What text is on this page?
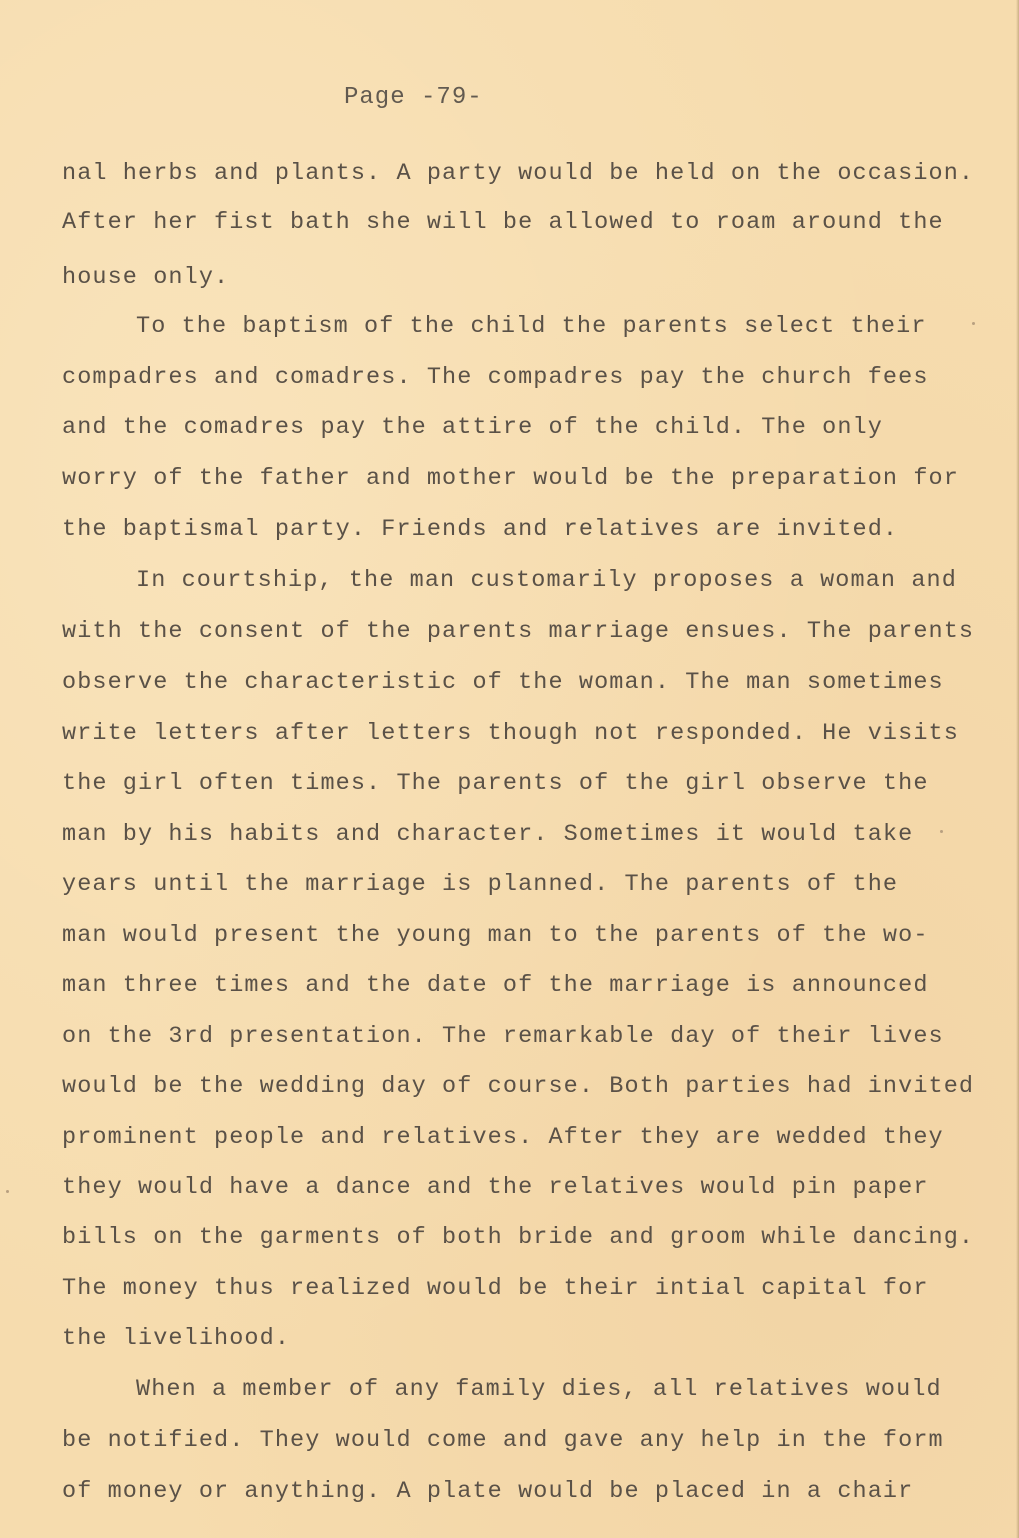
Page -79-
nal herbs and plants. A party would be held on the occasion.
After her fist bath she will be allowed to roam around the
house only.
To the baptism of the child the parents select their
compadres and comadres. The compadres pay the church fees
and the comadres pay the attire of the child. The only
worry of the father and mother would be the preparation for
the baptismal party. Friends and relatives are invited.
In courtship, the man customarily proposes a woman and
with the consent of the parents marriage ensues. The parents
observe the characteristic of the woman. The man sometimes
write letters after letters though not responded. He visits
the girl often times. The parents of the girl observe the
man by his habits and character. Sometimes it would take
years until the marriage is planned. The parents of the
man would present the young man to the parents of the wo-
man three times and the date of the marriage is announced
on the 3rd presentation. The remarkable day of their lives
would be the wedding day of course. Both parties had invited
prominent people and relatives. After they are wedded they
they would have a dance and the relatives would pin paper
bills on the garments of both bride and groom while dancing.
The money thus realized would be their intial capital for
the livelihood.
When a member of any family dies, all relatives would
be notified. They would come and gave any help in the form
of money or anything. A plate would be placed in a chair
